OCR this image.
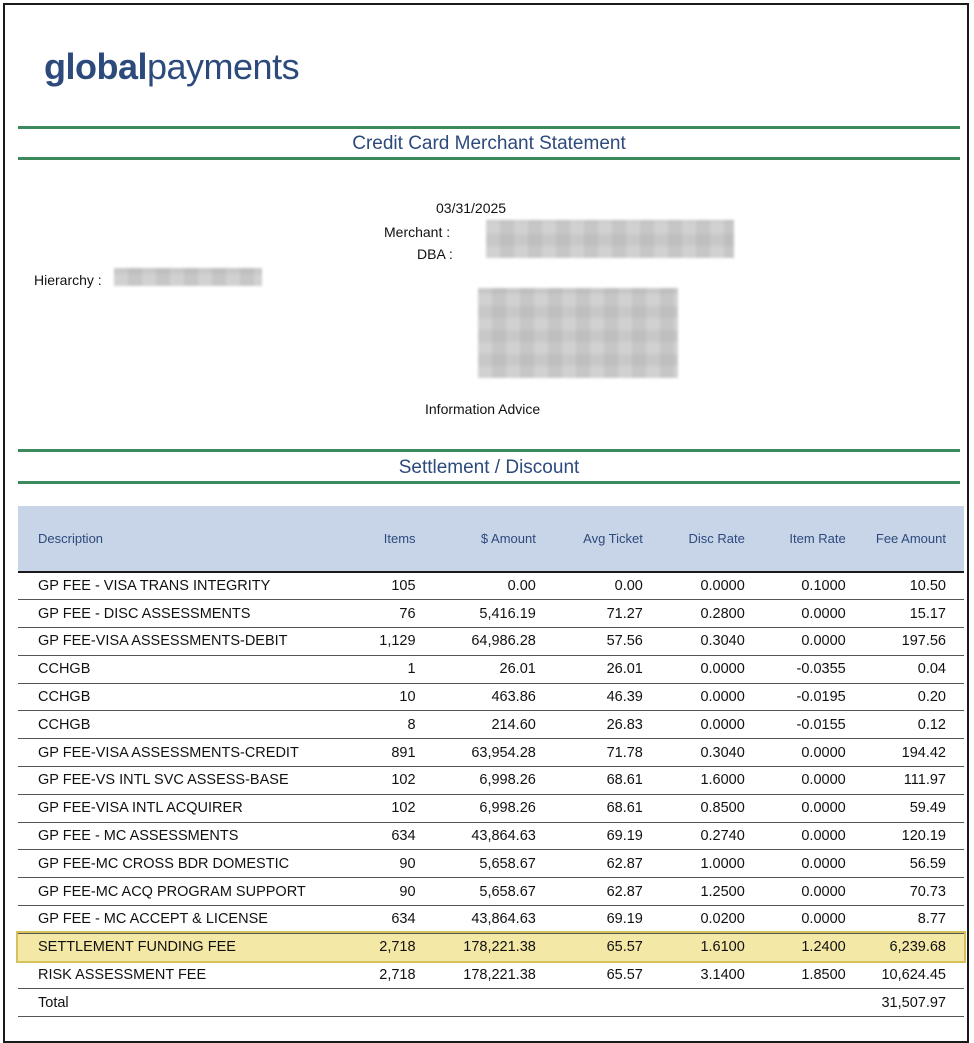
globalpayments
Credit Card Merchant Statement
03/31/2025
Merchant :
DBA :
Hierarchy :
Information Advice
Settlement / Discount
Description	Items	$ Amount	Avg Ticket	Disc Rate	Item Rate	Fee Amount
GP FEE - VISA TRANS INTEGRITY	105	0.00	0.00	0.0000	0.1000	10.50
GP FEE - DISC ASSESSMENTS	76	5,416.19	71.27	0.2800	0.0000	15.17
GP FEE-VISA ASSESSMENTS-DEBIT	1,129	64,986.28	57.56	0.3040	0.0000	197.56
CCHGB	1	26.01	26.01	0.0000	-0.0355	0.04
CCHGB	10	463.86	46.39	0.0000	-0.0195	0.20
CCHGB	8	214.60	26.83	0.0000	-0.0155	0.12
GP FEE-VISA ASSESSMENTS-CREDIT	891	63,954.28	71.78	0.3040	0.0000	194.42
GP FEE-VS INTL SVC ASSESS-BASE	102	6,998.26	68.61	1.6000	0.0000	111.97
GP FEE-VISA INTL ACQUIRER	102	6,998.26	68.61	0.8500	0.0000	59.49
GP FEE - MC ASSESSMENTS	634	43,864.63	69.19	0.2740	0.0000	120.19
GP FEE-MC CROSS BDR DOMESTIC	90	5,658.67	62.87	1.0000	0.0000	56.59
GP FEE-MC ACQ PROGRAM SUPPORT	90	5,658.67	62.87	1.2500	0.0000	70.73
GP FEE - MC ACCEPT & LICENSE	634	43,864.63	69.19	0.0200	0.0000	8.77
SETTLEMENT FUNDING FEE	2,718	178,221.38	65.57	1.6100	1.2400	6,239.68
RISK ASSESSMENT FEE	2,718	178,221.38	65.57	3.1400	1.8500	10,624.45
Total						31,507.97
